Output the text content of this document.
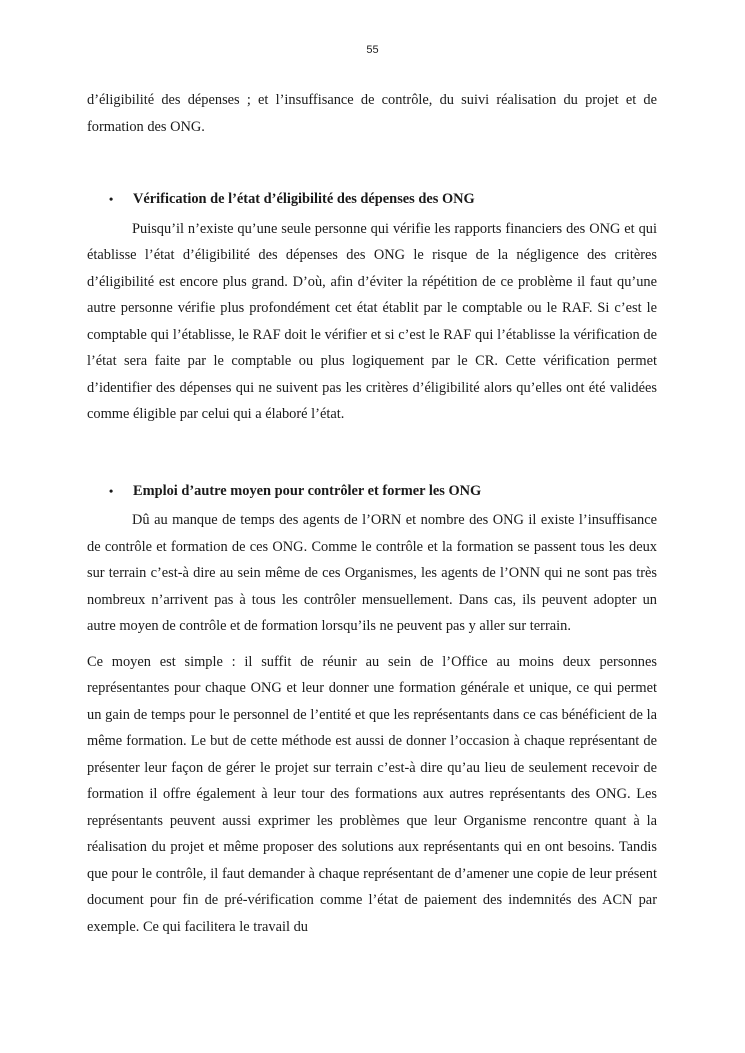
55

d’éligibilité des dépenses ; et l’insuffisance de contrôle, du suivi réalisation du projet et de formation des ONG.

•	Vérification de l’état d’éligibilité des dépenses des ONG

Puisqu’il n’existe qu’une seule personne qui vérifie les rapports financiers des ONG et qui établisse l’état d’éligibilité des dépenses des ONG le risque de la négligence des critères d’éligibilité est encore plus grand. D’où, afin d’éviter la répétition de ce problème il faut qu’une autre personne vérifie plus profondément cet état établit par le comptable ou le RAF. Si c’est le comptable qui l’établisse, le RAF doit le vérifier et si c’est le RAF qui l’établisse la vérification de l’état sera faite par le comptable ou plus logiquement par le CR. Cette vérification permet d’identifier des dépenses qui ne suivent pas les critères d’éligibilité alors qu’elles ont été validées comme éligible par celui qui a élaboré l’état.

•	Emploi d’autre moyen pour contrôler et former les ONG

Dû au manque de temps des agents de l’ORN et nombre des ONG il existe l’insuffisance de contrôle et formation de ces ONG. Comme le contrôle et la formation se passent tous les deux sur terrain c’est-à dire au sein même de ces Organismes, les agents de l’ONN qui ne sont pas très nombreux n’arrivent pas à tous les contrôler mensuellement. Dans cas, ils peuvent adopter un autre moyen de contrôle et de formation lorsqu’ils ne peuvent pas y aller sur terrain.

Ce moyen est simple : il suffit de réunir au sein de l’Office au moins deux personnes représentantes pour chaque ONG et leur donner une formation générale et unique, ce qui permet un gain de temps pour le personnel de l’entité et que les représentants dans ce cas bénéficient de la même formation. Le but de cette méthode est aussi de donner l’occasion à chaque représentant de présenter leur façon de gérer le projet sur terrain c’est-à dire qu’au lieu de seulement recevoir de formation il offre également à leur tour des formations aux autres représentants des ONG. Les représentants peuvent aussi exprimer les problèmes que leur Organisme rencontre quant à la réalisation du projet et même proposer des solutions aux représentants qui en ont besoins. Tandis que pour le contrôle, il faut demander à chaque représentant de d’amener une copie de leur présent document pour fin de pré-vérification comme l’état de paiement des indemnités des ACN par exemple. Ce qui facilitera le travail du
